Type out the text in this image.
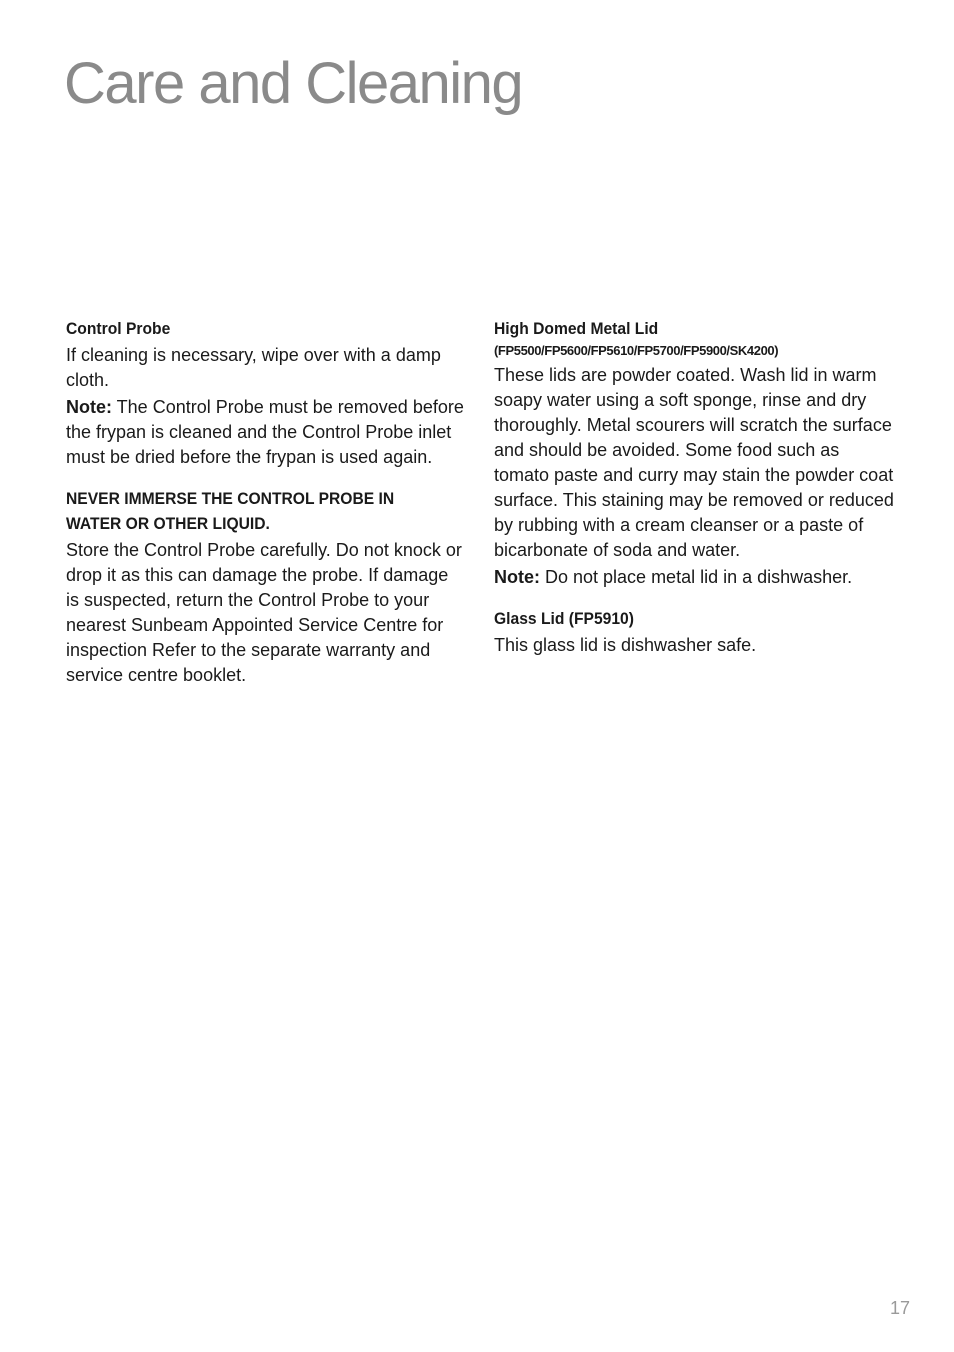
Care and Cleaning
Control Probe

If cleaning is necessary, wipe over with a damp cloth.

Note: The Control Probe must be removed before the frypan is cleaned and the Control Probe inlet must be dried before the frypan is used again.

NEVER IMMERSE THE CONTROL PROBE IN
WATER OR OTHER LIQUID.

Store the Control Probe carefully. Do not knock or drop it as this can damage the probe. If damage is suspected, return the Control Probe to your nearest Sunbeam Appointed Service Centre for inspection Refer to the separate warranty and service centre booklet.

High Domed Metal Lid
(FP5500/FP5600/FP5610/FP5700/FP5900/SK4200)

These lids are powder coated. Wash lid in warm soapy water using a soft sponge, rinse and dry thoroughly. Metal scourers will scratch the surface and should be avoided. Some food such as tomato paste and curry may stain the powder coat surface. This staining may be removed or reduced by rubbing with a cream cleanser or a paste of bicarbonate of soda and water.

Note: Do not place metal lid in a dishwasher.

Glass Lid (FP5910)

This glass lid is dishwasher safe.

17
